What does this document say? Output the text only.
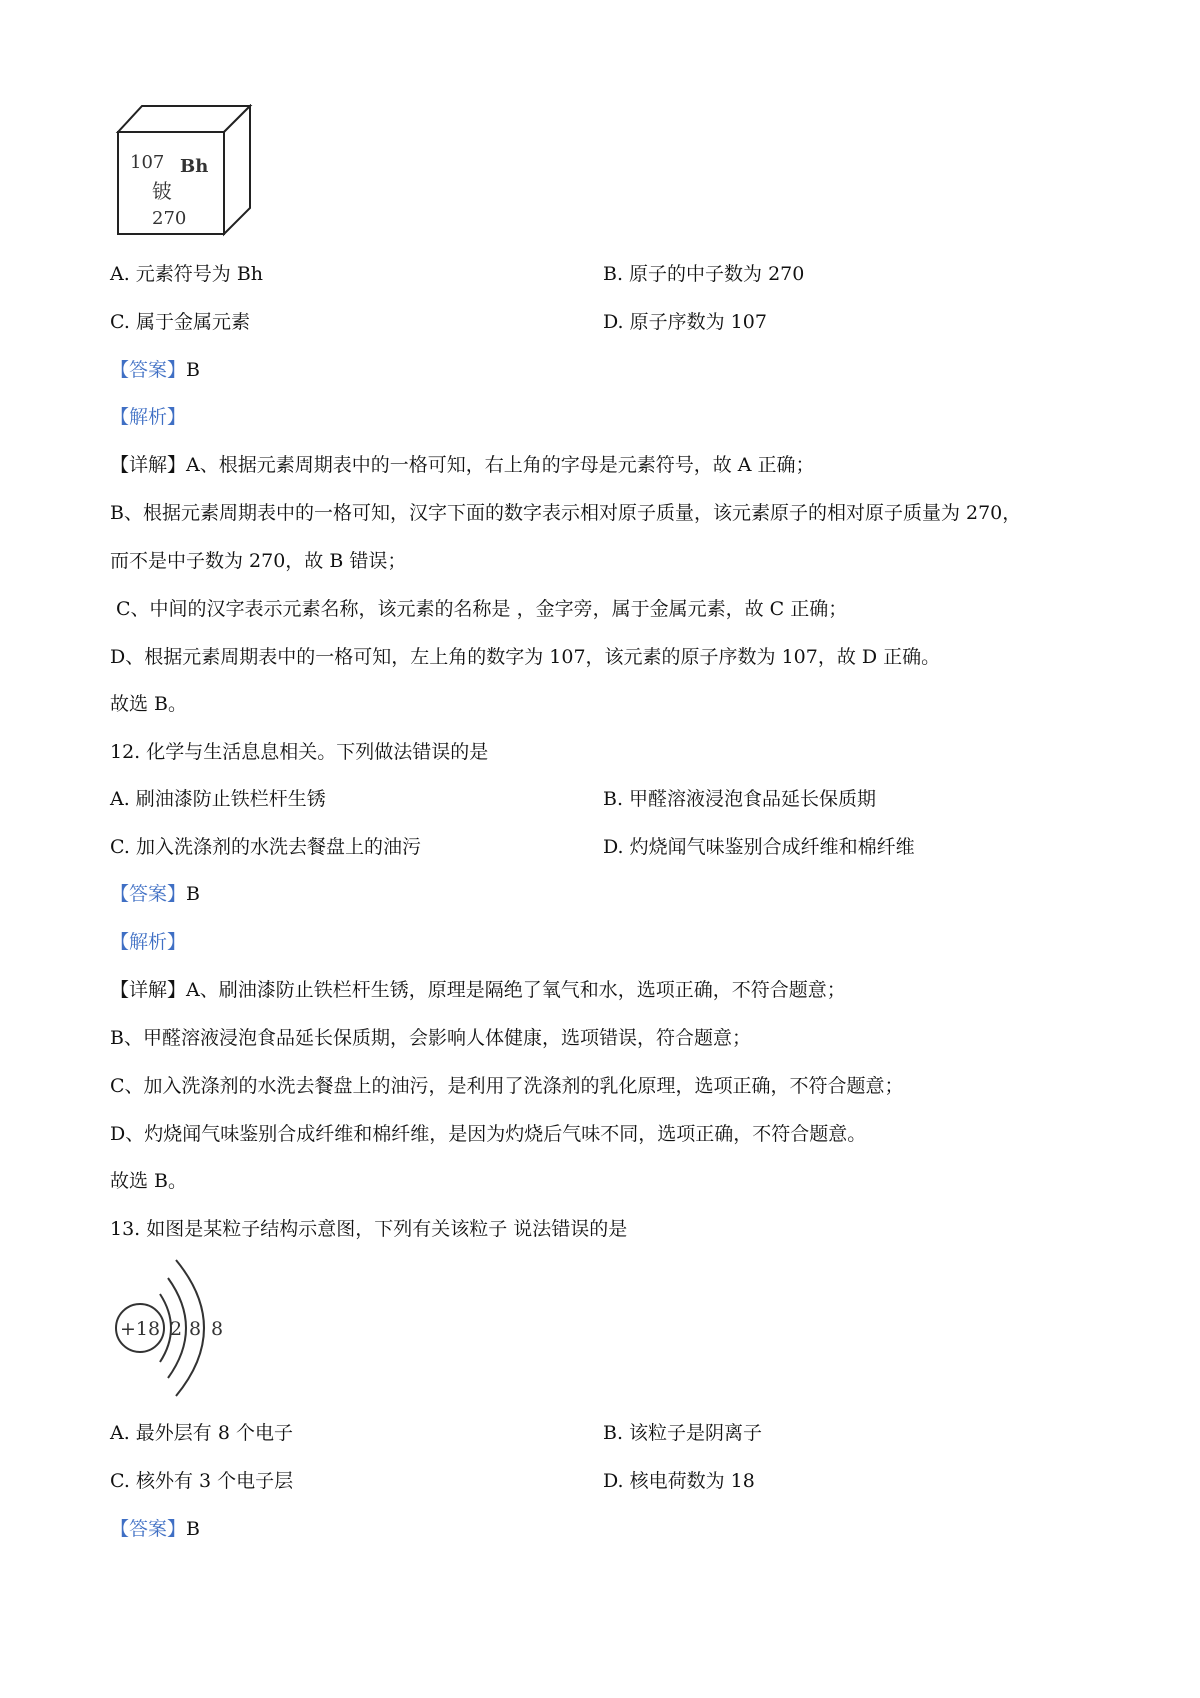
107 Bh
铍
270
A. 元素符号为 Bh	B. 原子的中子数为 270
C. 属于金属元素	D. 原子序数为 107
【答案】B
【解析】
【详解】A、根据元素周期表中的一格可知，右上角的字母是元素符号，故 A 正确；
B、根据元素周期表中的一格可知，汉字下面的数字表示相对原子质量，该元素原子的相对原子质量为 270，
而不是中子数为 270，故 B 错误；
C、中间的汉字表示元素名称，该元素的名称是 ，金字旁，属于金属元素，故 C 正确；
D、根据元素周期表中的一格可知，左上角的数字为 107，该元素的原子序数为 107，故 D 正确。
故选 B。
12. 化学与生活息息相关。下列做法错误的是
A. 刷油漆防止铁栏杆生锈	B. 甲醛溶液浸泡食品延长保质期
C. 加入洗涤剂的水洗去餐盘上的油污	D. 灼烧闻气味鉴别合成纤维和棉纤维
【答案】B
【解析】
【详解】A、刷油漆防止铁栏杆生锈，原理是隔绝了氧气和水，选项正确，不符合题意；
B、甲醛溶液浸泡食品延长保质期，会影响人体健康，选项错误，符合题意；
C、加入洗涤剂的水洗去餐盘上的油污，是利用了洗涤剂的乳化原理，选项正确，不符合题意；
D、灼烧闻气味鉴别合成纤维和棉纤维，是因为灼烧后气味不同，选项正确，不符合题意。
故选 B。
13. 如图是某粒子结构示意图，下列有关该粒子 说法错误的是
+18 2 8 8
A. 最外层有 8 个电子	B. 该粒子是阴离子
C. 核外有 3 个电子层	D. 核电荷数为 18
【答案】B
